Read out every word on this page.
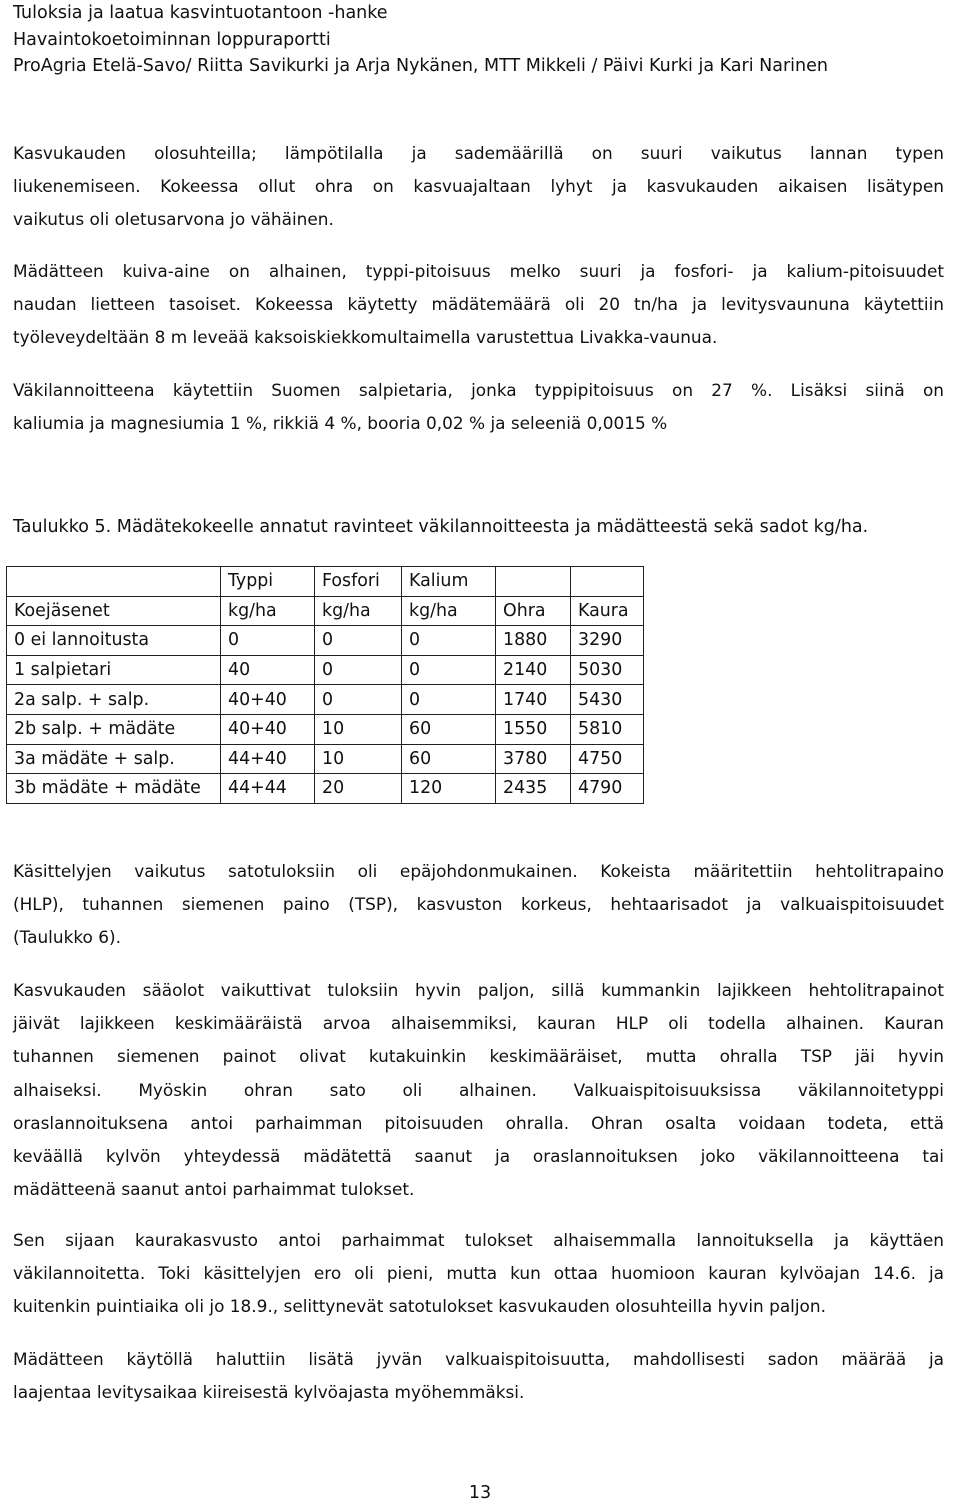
Tuloksia ja laatua kasvintuotantoon -hanke
Havaintokoetoiminnan loppuraportti
ProAgria Etelä-Savo/ Riitta Savikurki ja Arja Nykänen, MTT Mikkeli / Päivi Kurki ja Kari Narinen

Kasvukauden olosuhteilla; lämpötilalla ja sademäärillä on suuri vaikutus lannan typen
liukenemiseen. Kokeessa ollut ohra on kasvuajaltaan lyhyt ja kasvukauden aikaisen lisätypen
vaikutus oli oletusarvona jo vähäinen.

Mädätteen kuiva-aine on alhainen, typpi-pitoisuus melko suuri ja fosfori- ja kalium-pitoisuudet
naudan lietteen tasoiset. Kokeessa käytetty mädätemäärä oli 20 tn/ha ja levitysvaununa käytettiin
työleveydeltään 8 m leveää kaksoiskiekkomultaimella varustettua Livakka-vaunua.

Väkilannoitteena käytettiin Suomen salpietaria, jonka typpipitoisuus on 27 %. Lisäksi siinä on
kaliumia ja magnesiumia 1 %, rikkiä 4 %, booria 0,02 % ja seleeniä 0,0015 %

Taulukko 5. Mädätekokeelle annatut ravinteet väkilannoitteesta ja mädätteestä sekä sadot kg/ha.
	Typpi	Fosfori	Kalium		
Koejäsenet	kg/ha	kg/ha	kg/ha	Ohra	Kaura
0 ei lannoitusta	0	0	0	1880	3290
1 salpietari	40	0	0	2140	5030
2a salp. + salp.	40+40	0	0	1740	5430
2b salp. + mädäte	40+40	10	60	1550	5810
3a mädäte + salp.	44+40	10	60	3780	4750
3b mädäte + mädäte	44+44	20	120	2435	4790

Käsittelyjen vaikutus satotuloksiin oli epäjohdonmukainen. Kokeista määritettiin hehtolitrapaino
(HLP), tuhannen siemenen paino (TSP), kasvuston korkeus, hehtaarisadot ja valkuaispitoisuudet
(Taulukko 6).

Kasvukauden sääolot vaikuttivat tuloksiin hyvin paljon, sillä kummankin lajikkeen hehtolitrapainot
jäivät lajikkeen keskimääräistä arvoa alhaisemmiksi, kauran HLP oli todella alhainen. Kauran
tuhannen siemenen painot olivat kutakuinkin keskimääräiset, mutta ohralla TSP jäi hyvin
alhaiseksi. Myöskin ohran sato oli alhainen. Valkuaispitoisuuksissa väkilannoitetyppi
oraslannoituksena antoi parhaimman pitoisuuden ohralla. Ohran osalta voidaan todeta, että
keväällä kylvön yhteydessä mädätettä saanut ja oraslannoituksen joko väkilannoitteena tai
mädätteenä saanut antoi parhaimmat tulokset.

Sen sijaan kaurakasvusto antoi parhaimmat tulokset alhaisemmalla lannoituksella ja käyttäen
väkilannoitetta. Toki käsittelyjen ero oli pieni, mutta kun ottaa huomioon kauran kylvöajan 14.6. ja
kuitenkin puintiaika oli jo 18.9., selittynevät satotulokset kasvukauden olosuhteilla hyvin paljon.

Mädätteen käytöllä haluttiin lisätä jyvän valkuaispitoisuutta, mahdollisesti sadon määrää ja
laajentaa levitysaikaa kiireisestä kylvöajasta myöhemmäksi.

13
